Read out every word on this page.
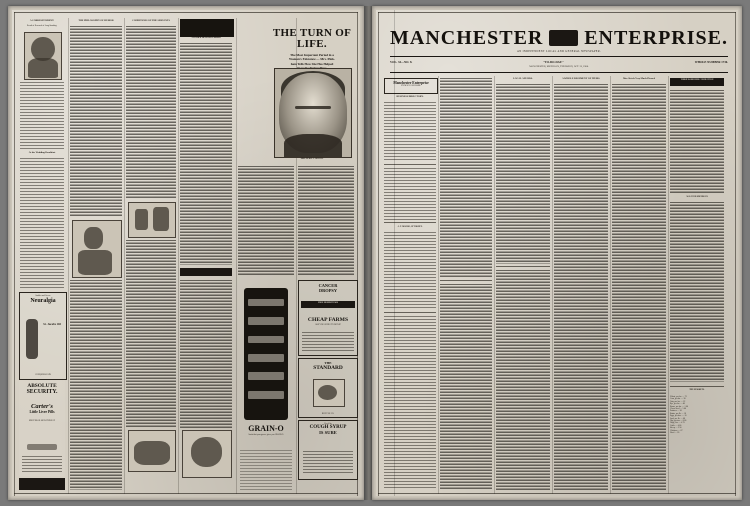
A CORRESPONDENT.
Result of Research of Long Standing.
At the Wedding Breakfast
Sudden and Severe
Neuralgia
St. Jacobs Oil
CONQUERS PAIN
ABSOLUTE
SECURITY.
Carter's
Little Liver Pills
MUST BEAR SIGNATURE OF
THE PHILOSOPHY OF HUMOR	CONDITIONS OF THE SERVANTS
A TENDER HEARTED FARMER	THE TURN OF LIFE.
The Most Important Period in a
Woman's Existence — Mrs. Pink-
ham Tells How She Has Helped
MRS. MARY A. HOUGH.
CANCER
DROPSY
FREE HOMESTEADS
CHEAP FARMS
ARE YOU GOING TO MOVE?
GRAIN-O
Insist that your grocer gives you GRAIN-O
THE
STANDARD
BICYCLE CO.
It's all in
COUGH SYRUP
IS SURE
MANCHESTER ENTERPRISE.
AN INDEPENDENT LOCAL AND GENERAL NEWSPAPER.
VOL. 34—NO. 8.	"TO-DO-DAY."	WHOLE NUMBER 1736.
MANCHESTER, MICHIGAN, THURSDAY, OCT. 25, 1900.
Manchester Enterprise
BY MAT. E. BLOSSER.
BUSINESS DIRECTORY.
A. T. MOORE, ATTORNEY.
LOCAL AFFAIRS.	A WHOLE REGIMENT OF ITEMS.	Mrs. Ketch Very Much Pleased	THIRD WARD DEM CONNECTION
ALL OVER MICHIGAN
THE MARKETS.
Wheat, per bu. .... 72
Corn, per bu. .... 38
Oats, per bu. .... 22
Rye, per bu. .... 48
Beans, per bu. .... 1 60
Clover seed .... 5 00
Potatoes .... 30
Butter, per lb. .... 18
Eggs, per doz. .... 16
Lard, per lb. .... 08
Hay, per ton .... 8 00
Hogs, live .... 4 75
Cattle .... 4 00
Sheep .... 3 50
Chickens .... 07
Wool .... 20
